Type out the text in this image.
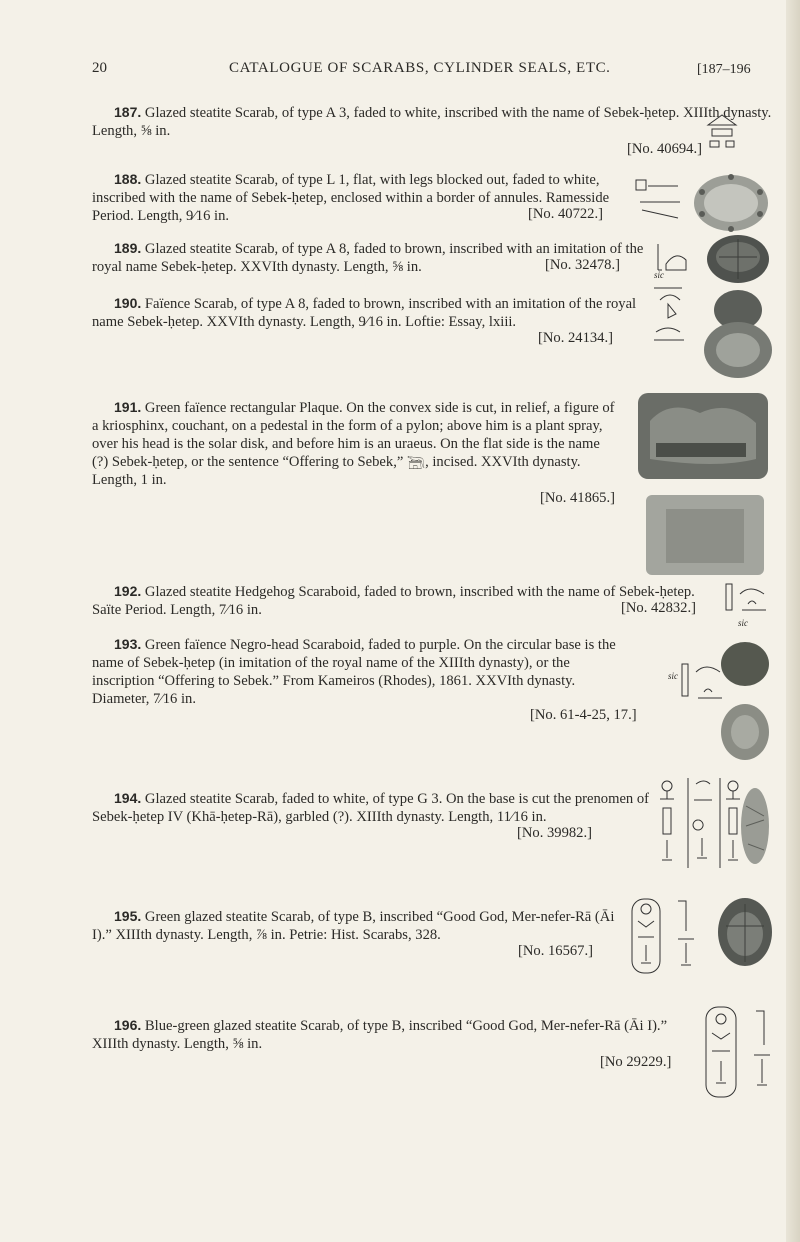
20	CATALOGUE OF SCARABS, CYLINDER SEALS, ETC.	[187–196

187. Glazed steatite Scarab, of type A 3, faded to white, inscribed with the name of Sebek-ḥetep. XIIIth dynasty. Length, ⅝ in.

[No. 40694.]

188. Glazed steatite Scarab, of type L 1, flat, with legs blocked out, faded to white, inscribed with the name of Sebek-ḥetep, enclosed within a border of annules. Ramesside Period. Length, 9⁄16 in.	[No. 40722.]

189. Glazed steatite Scarab, of type A 8, faded to brown, inscribed with an imitation of the royal name Sebek-ḥetep. XXVIth dynasty. Length, ⅝ in.	[No. 32478.]
sic

190. Faïence Scarab, of type A 8, faded to brown, inscribed with an imitation of the royal name Sebek-ḥetep. XXVIth dynasty. Length, 9⁄16 in. Loftie: Essay, lxiii.

[No. 24134.]

191. Green faïence rectangular Plaque. On the convex side is cut, in relief, a figure of a kriosphinx, couchant, on a pedestal in the form of a pylon; above him is a plant spray, over his head is the solar disk, and before him is an uraeus. On the flat side is the name (?) Sebek-ḥetep, or the sentence “Offering to Sebek,” 𓆋, incised. XXVIth dynasty. Length, 1 in.

[No. 41865.]

192. Glazed steatite Hedgehog Scaraboid, faded to brown, inscribed with the name of Sebek-ḥetep. Saïte Period. Length, 7⁄16 in.	[No. 42832.]
sic

193. Green faïence Negro-head Scaraboid, faded to purple. On the circular base is the name of Sebek-ḥetep (in imitation of the royal name of the XIIIth dynasty), or the inscription “Offering to Sebek.” From Kameiros (Rhodes), 1861. XXVIth dynasty. Diameter, 7⁄16 in.

[No. 61-4-25, 17.]
sic

194. Glazed steatite Scarab, faded to white, of type G 3. On the base is cut the prenomen of Sebek-ḥetep IV (Khā-ḥetep-Rā), garbled (?). XIIIth dynasty. Length, 11⁄16 in.

[No. 39982.]

195. Green glazed steatite Scarab, of type B, inscribed “Good God, Mer-nefer-Rā (Āi I).” XIIIth dynasty. Length, ⅞ in. Petrie: Hist. Scarabs, 328.

[No. 16567.]

196. Blue-green glazed steatite Scarab, of type B, inscribed “Good God, Mer-nefer-Rā (Āi I).” XIIIth dynasty. Length, ⅝ in.

[No 29229.]
